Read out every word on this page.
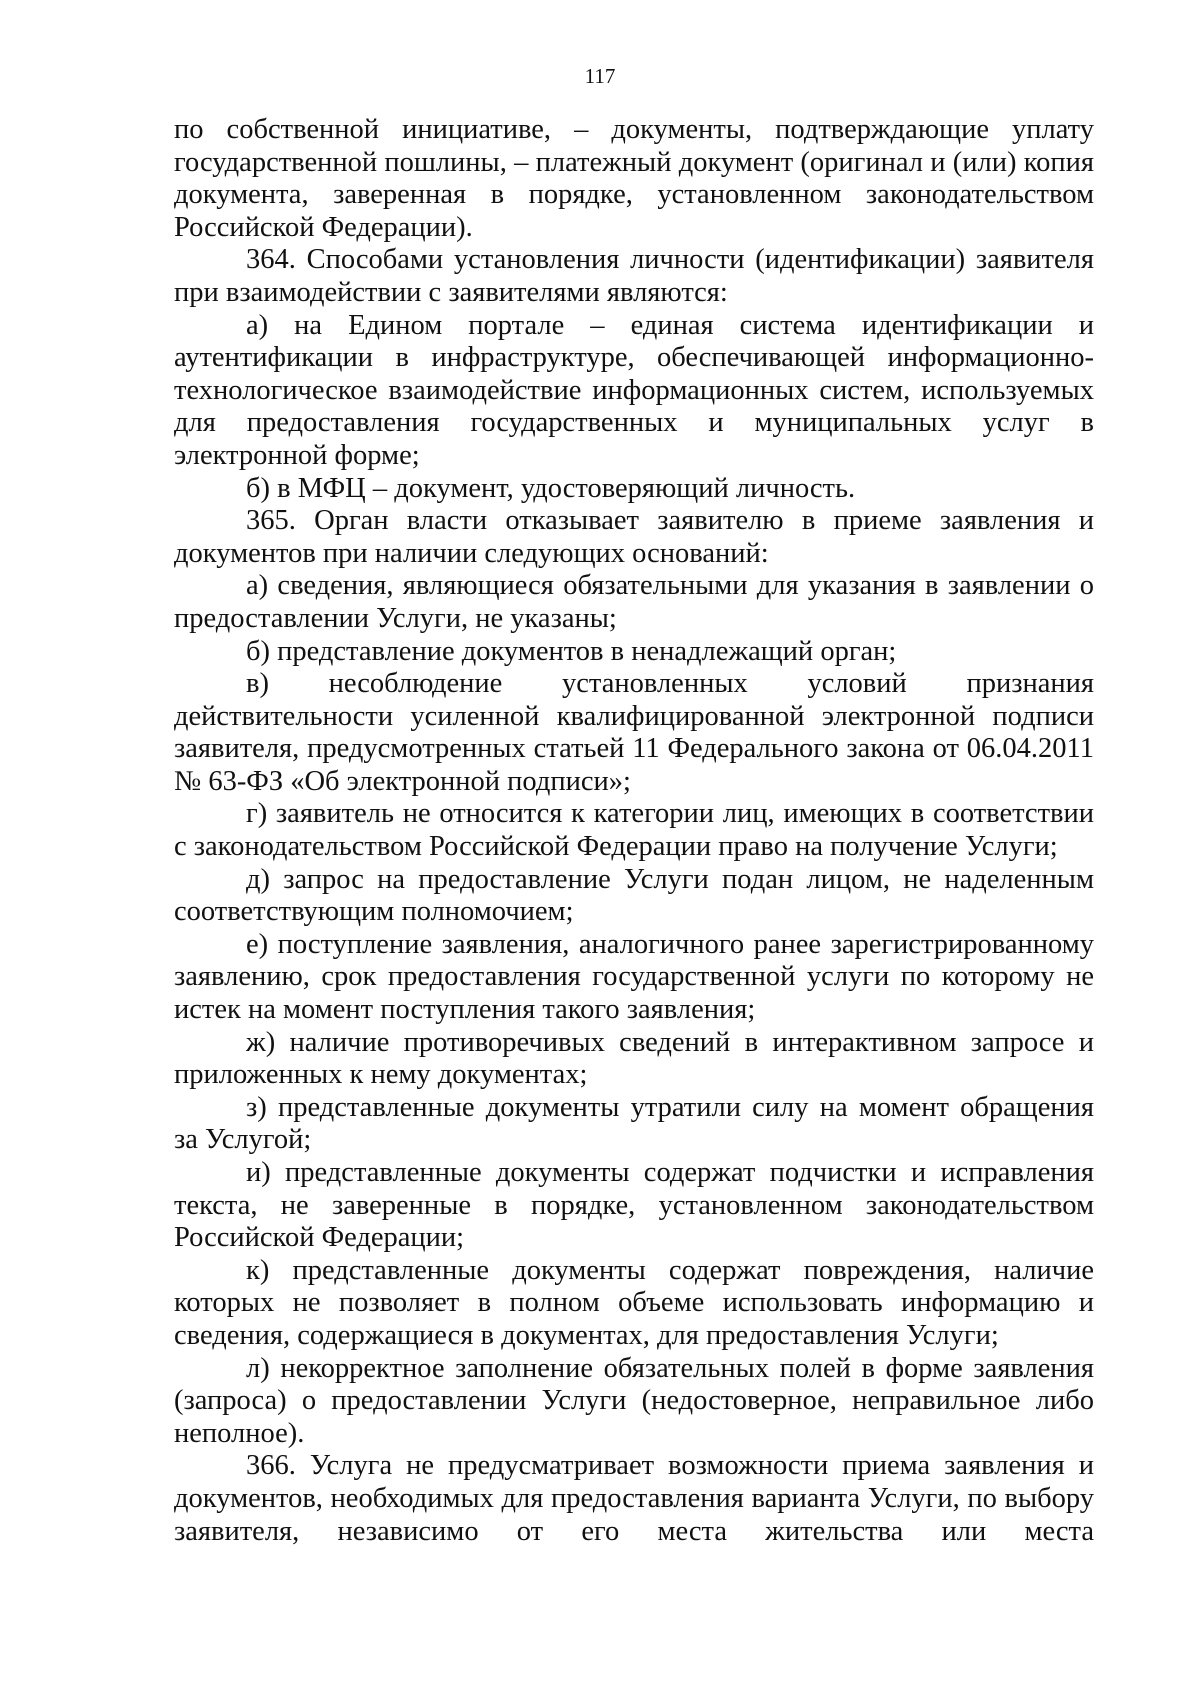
117

по собственной инициативе, – документы, подтверждающие уплату государственной пошлины, – платежный документ (оригинал и (или) копия документа, заверенная в порядке, установленном законодательством Российской Федерации).

364. Способами установления личности (идентификации) заявителя при взаимодействии с заявителями являются:

а) на Едином портале – единая система идентификации и аутентификации в инфраструктуре, обеспечивающей информационно-технологическое взаимодействие информационных систем, используемых для предоставления государственных и муниципальных услуг в электронной форме;

б) в МФЦ – документ, удостоверяющий личность.

365. Орган власти отказывает заявителю в приеме заявления и документов при наличии следующих оснований:

а) сведения, являющиеся обязательными для указания в заявлении о предоставлении Услуги, не указаны;

б) представление документов в ненадлежащий орган;

в) несоблюдение установленных условий признания действительности усиленной квалифицированной электронной подписи заявителя, предусмотренных статьей 11 Федерального закона от 06.04.2011 № 63-ФЗ «Об электронной подписи»;

г) заявитель не относится к категории лиц, имеющих в соответствии с законодательством Российской Федерации право на получение Услуги;

д) запрос на предоставление Услуги подан лицом, не наделенным соответствующим полномочием;

е) поступление заявления, аналогичного ранее зарегистрированному заявлению, срок предоставления государственной услуги по которому не истек на момент поступления такого заявления;

ж) наличие противоречивых сведений в интерактивном запросе и приложенных к нему документах;

з) представленные документы утратили силу на момент обращения за Услугой;

и) представленные документы содержат подчистки и исправления текста, не заверенные в порядке, установленном законодательством Российской Федерации;

к) представленные документы содержат повреждения, наличие которых не позволяет в полном объеме использовать информацию и сведения, содержащиеся в документах, для предоставления Услуги;

л) некорректное заполнение обязательных полей в форме заявления (запроса) о предоставлении Услуги (недостоверное, неправильное либо неполное).

366. Услуга не предусматривает возможности приема заявления и документов, необходимых для предоставления варианта Услуги, по выбору заявителя, независимо от его места жительства или места
